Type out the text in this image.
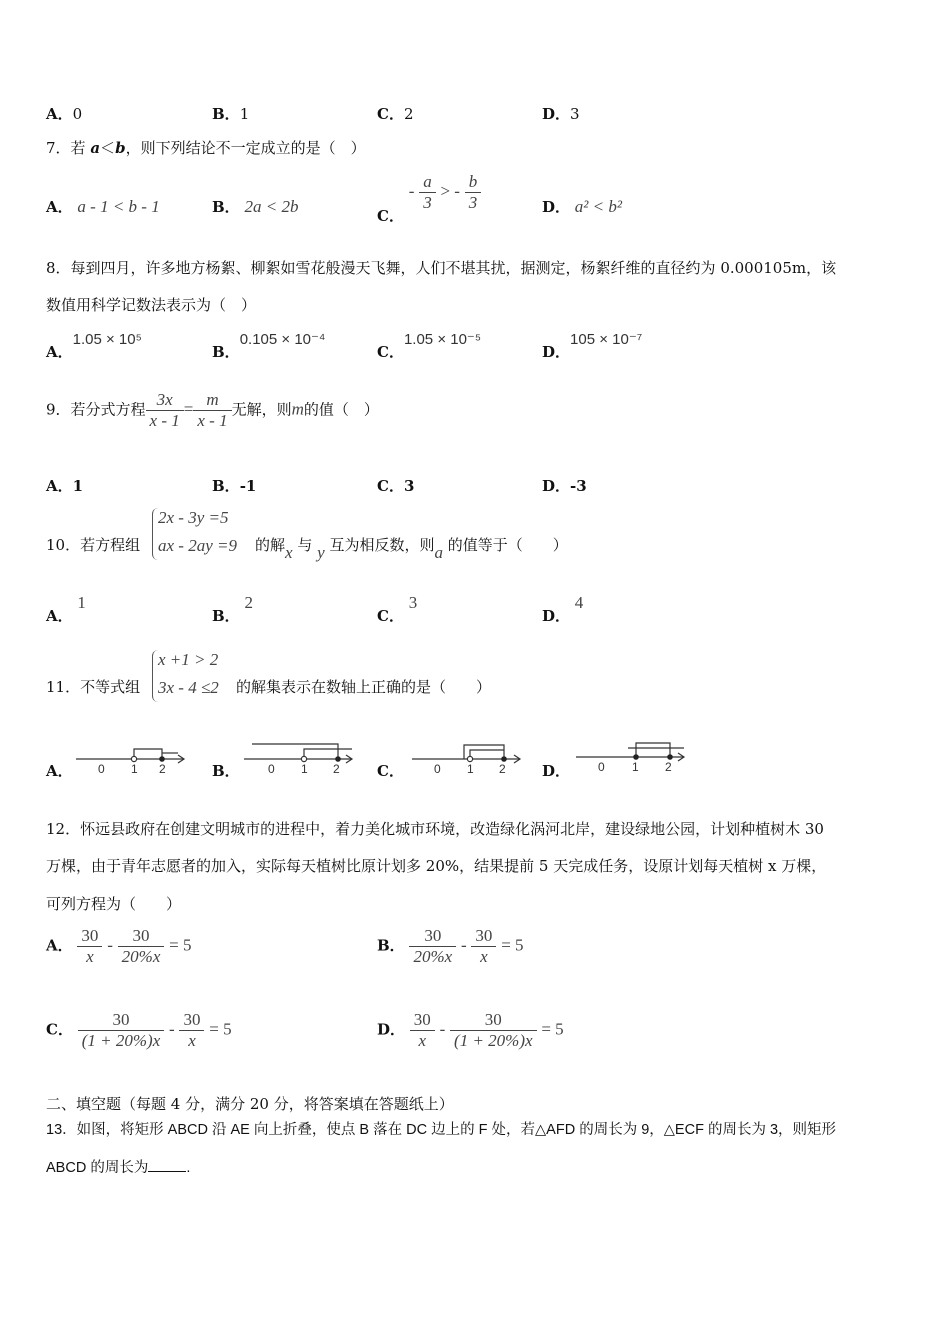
A．0	B．1	C．2	D．3
7．若 a＜b，则下列结论不一定成立的是（　）
A． a - 1 < b - 1	B． 2a < 2b	C． - $\frac{a}{3}$ > - $\frac{b}{3}$	D． a² < b²
8．每到四月，许多地方杨絮、柳絮如雪花般漫天飞舞，人们不堪其扰，据测定，杨絮纤维的直径约为 0.000105m，该
数值用科学记数法表示为（　）
A．1.05 × 10⁵
B．0.105 × 10⁻⁴
C．1.05 × 10⁻⁵
D．105 × 10⁻⁷
9．若分式方程 $\frac{3x}{x - 1} = \frac{m}{x - 1}$ 无解，则m的值（　）
A．1	B．-1	C．3	D．-3
10．若方程组
2x - 3y =5
ax - 2ay =9 的解x 与 y 互为相反数，则a 的值等于（　　）
A． 1
B． 2
C． 3
D． 4
11．不等式组
x +1 > 2
3x - 4 ≤2 的解集表示在数轴上正确的是（　　）
A． 0 1 2	B． 0 1 2 C．	0 1 2 D． 0 1 2
12．怀远县政府在创建文明城市的进程中，着力美化城市环境，改造绿化涡河北岸，建设绿地公园，计划种植树木 30
万棵，由于青年志愿者的加入，实际每天植树比原计划多 20%，结果提前 5 天完成任务，设原计划每天植树 x 万棵，
可列方程为（　　）
A． $\frac{30}{x} - \frac{30}{20\%x} = 5$	B． $\frac{30}{20\%x} - \frac{30}{x} = 5$
C． $\frac{30}{(1 + 20\%)x} - \frac{30}{x} = 5$	D． $\frac{30}{x} - \frac{30}{(1 + 20\%)x} = 5$
二、填空题（每题 4 分，满分 20 分，将答案填在答题纸上）
13．如图，将矩形 ABCD 沿 AE 向上折叠，使点 B 落在 DC 边上的 F 处，若△AFD 的周长为 9，△ECF 的周长为 3，则矩形
ABCD 的周长为	.
